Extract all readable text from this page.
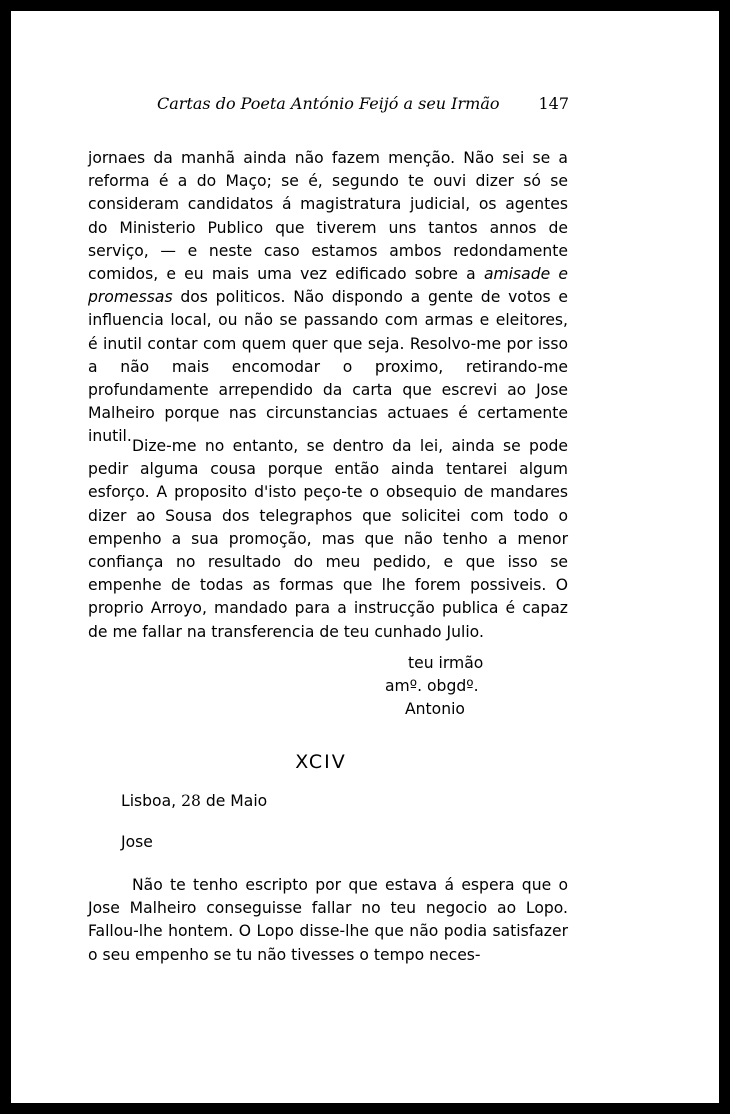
Cartas do Poeta António Feijó a seu Irmão 147
jornaes da manhã ainda não fazem menção. Não sei se a reforma é a do Maço; se é, segundo te ouvi dizer só se consideram candidatos á magistratura judicial, os agentes do Ministerio Publico que tiverem uns tantos annos de serviço, — e neste caso estamos ambos redondamente comidos, e eu mais uma vez edificado sobre a amisade e promessas dos politicos. Não dispondo a gente de votos e influencia local, ou não se passando com armas e eleitores, é inutil contar com quem quer que seja. Resolvo-me por isso a não mais encomodar o proximo, retirando-me profundamente arrependido da carta que escrevi ao Jose Malheiro porque nas circunstancias actuaes é certamente inutil.
Dize-me no entanto, se dentro da lei, ainda se pode pedir alguma cousa porque então ainda tentarei algum esforço. A proposito d'isto peço-te o obsequio de mandares dizer ao Sousa dos telegraphos que solicitei com todo o empenho a sua promoção, mas que não tenho a menor confiança no resultado do meu pedido, e que isso se empenhe de todas as formas que lhe forem possiveis. O proprio Arroyo, mandado para a instrucção publica é capaz de me fallar na transferencia de teu cunhado Julio.
teu irmão
amº. obgdº.
Antonio
XCIV
Lisboa, 28 de Maio
Jose
Não te tenho escripto por que estava á espera que o Jose Malheiro conseguisse fallar no teu negocio ao Lopo. Fallou-lhe hontem. O Lopo disse-lhe que não podia satisfazer o seu empenho se tu não tivesses o tempo neces-
